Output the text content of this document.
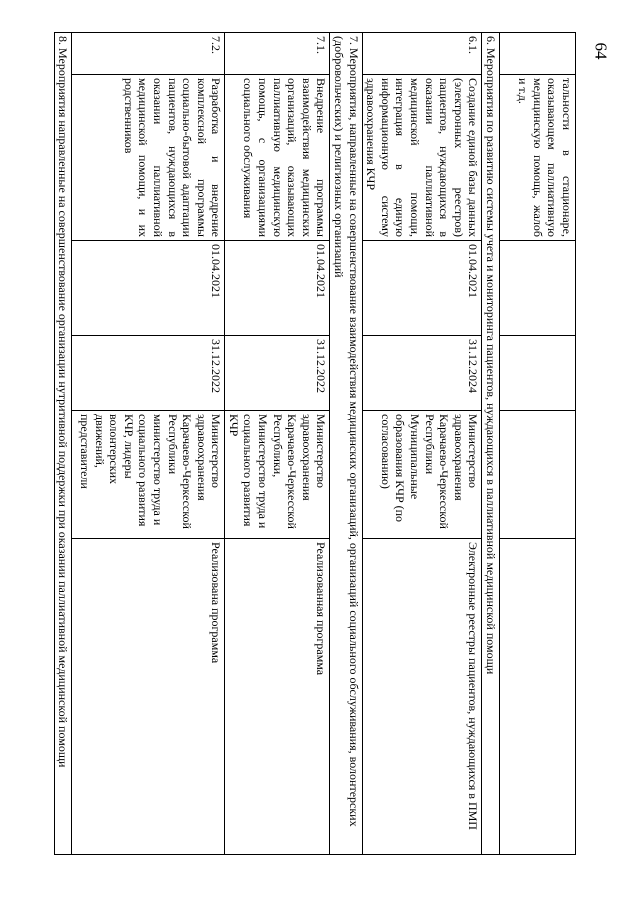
64
	тальности в стационаре, оказывающем паллиативную медицинскую помощь, жалоб и т.д.				
6. Мероприятия по развитию системы учета и мониторинга пациентов, нуждающихся в паллиативной медицинской помощи					
6.1.	Создание единой базы данных (электронных реестров) пациентов, нуждающихся в оказании паллиативной медицинской помощи, интеграция в единую информационную систему здравоохранения КЧР	01.04.2021	31.12.2024	Министерство здравоохранения Карачаево-Черкесской Республики Муниципальные образования КЧР (по согласованию)	Электронные реестры пациентов, нуждающихся в ПМП
7. Мероприятия, направленные на совершенствование взаимодействия медицинских организаций, организаций социального обслуживания, волонтерских (добровольческих) и религиозных организаций					
7.1.	Внедрение программы взаимодействия медицинских организаций, оказывающих паллиативную медицинскую помощь, с организациями социального обслуживания	01.04.2021	31.12.2022	Министерство здравоохранения Карачаево-Черкесской Республики, Министерство труда и социального развития КЧР	Реализованная программа
7.2.	Разработка и внедрение комплексной программы социально-бытовой адаптации пациентов, нуждающихся в оказании паллиативной медицинской помощи, и их родственников	01.04.2021	31.12.2022	Министерство здравоохранения Карачаево-Черкесской Республики министерство труда и социального развития КЧР, лидеры волонтерских движений, представители	Реализована программа
8. Мероприятия направленные на совершенствование организации нутритивной поддержки при оказании паллиативной медицинской помощи					
